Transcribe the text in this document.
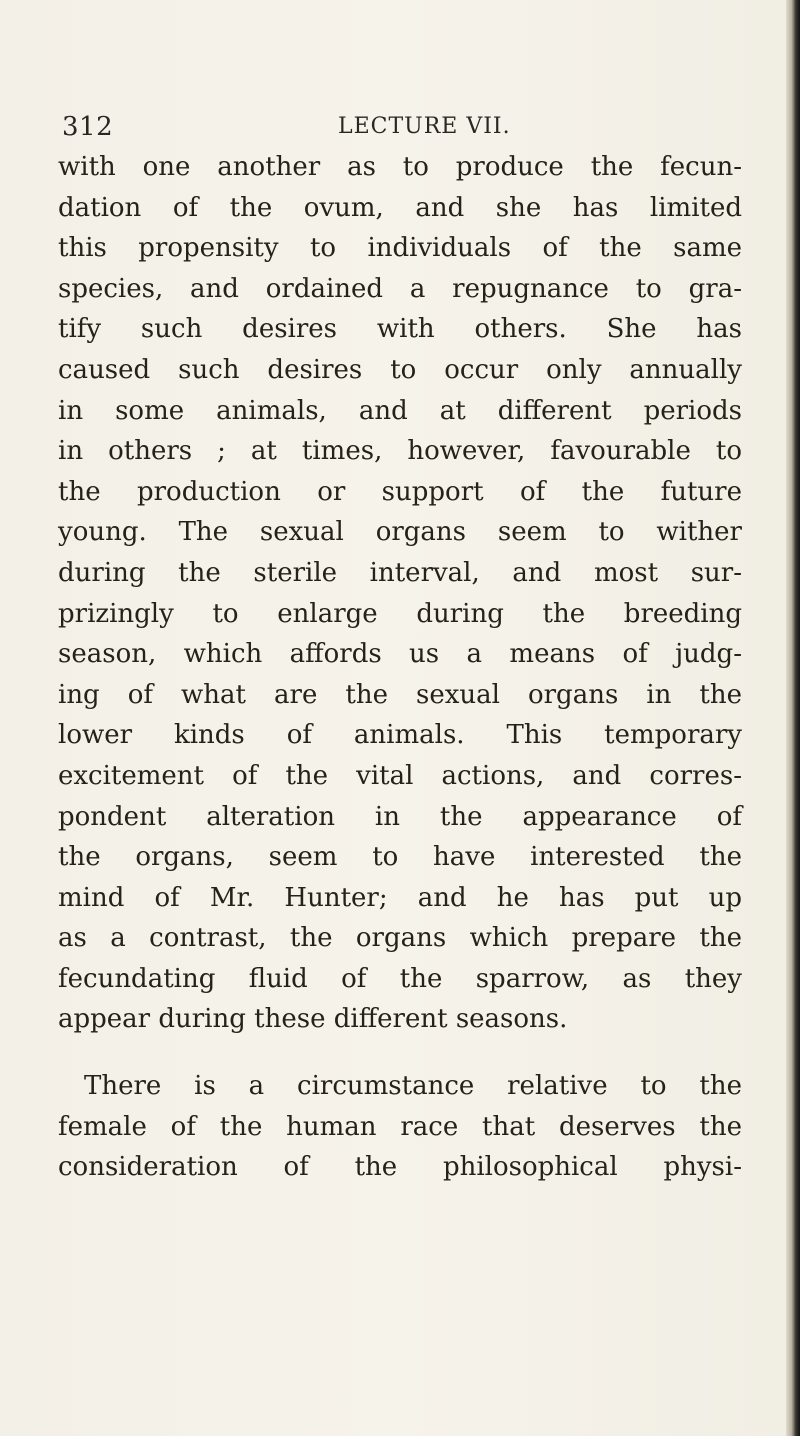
312	LECTURE VII.
with one another as to produce the fecun-
dation of the ovum, and she has limited
this propensity to individuals of the same
species, and ordained a repugnance to gra-
tify such desires with others. She has
caused such desires to occur only annually
in some animals, and at different periods
in others ; at times, however, favourable to
the production or support of the future
young. The sexual organs seem to wither
during the sterile interval, and most sur-
prizingly to enlarge during the breeding
season, which affords us a means of judg-
ing of what are the sexual organs in the
lower kinds of animals. This temporary
excitement of the vital actions, and corres-
pondent alteration in the appearance of
the organs, seem to have interested the
mind of Mr. Hunter; and he has put up
as a contrast, the organs which prepare the
fecundating fluid of the sparrow, as they
appear during these different seasons.
There is a circumstance relative to the
female of the human race that deserves the
consideration of the philosophical physi-
